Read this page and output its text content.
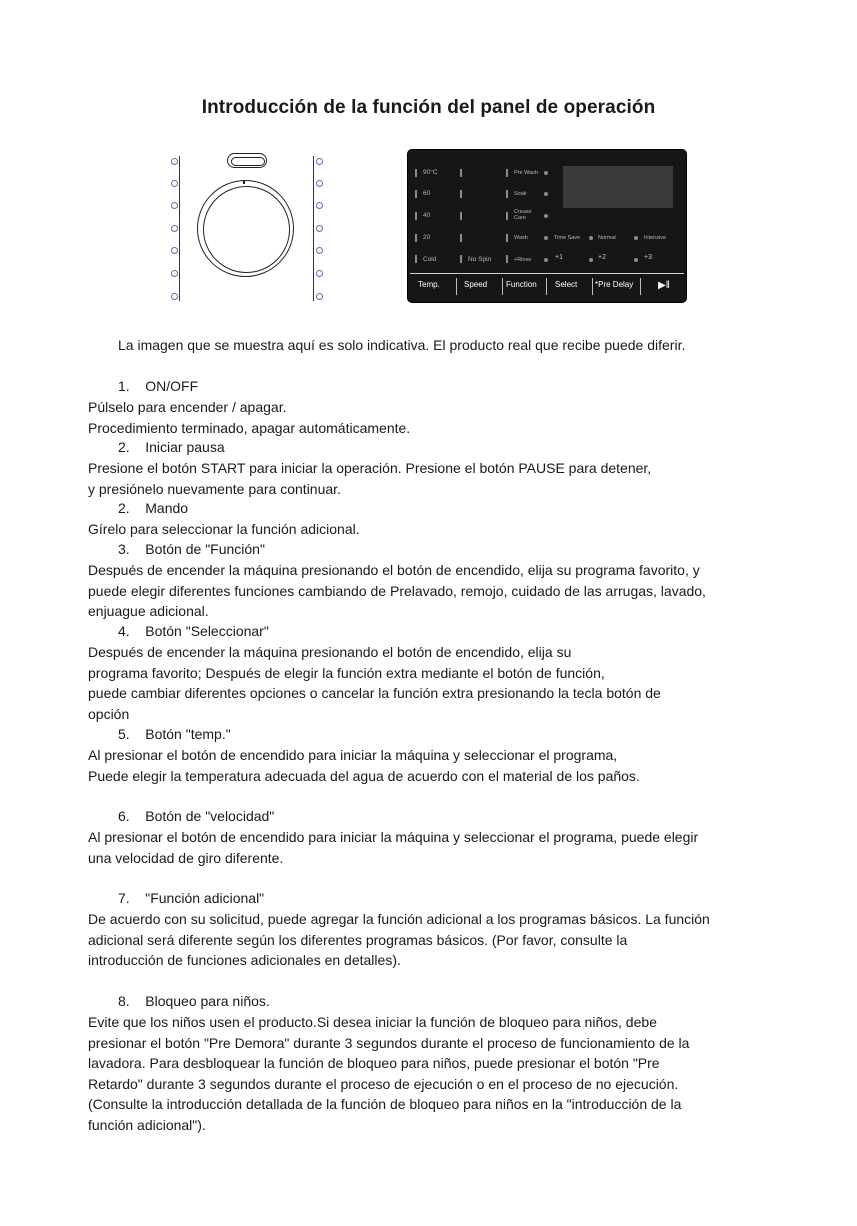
Introducción de la función del panel de operación
90°C
60
40
20
Cold	No Spin
Pre Wash
Soak
Crease Care
Wash
+Rinse
Time Save	Normal	Intensive
+1	+2	+3
Temp.	Speed Function Select *Pre Delay ▶‖
La imagen que se muestra aquí es solo indicativa. El producto real que recibe puede diferir.
1. ON/OFF
Púlselo para encender / apagar.
Procedimiento terminado, apagar automáticamente.
2. Iniciar pausa
Presione el botón START para iniciar la operación. Presione el botón PAUSE para detener,
y presiónelo nuevamente para continuar.
2. Mando
Gírelo para seleccionar la función adicional.
3. Botón de "Función"
Después de encender la máquina presionando el botón de encendido, elija su programa favorito, y
puede elegir diferentes funciones cambiando de Prelavado, remojo, cuidado de las arrugas, lavado,
enjuague adicional.
4. Botón "Seleccionar"
Después de encender la máquina presionando el botón de encendido, elija su
programa favorito; Después de elegir la función extra mediante el botón de función,
puede cambiar diferentes opciones o cancelar la función extra presionando la tecla botón de
opción
5. Botón "temp."
Al presionar el botón de encendido para iniciar la máquina y seleccionar el programa,
Puede elegir la temperatura adecuada del agua de acuerdo con el material de los paños.
6. Botón de "velocidad"
Al presionar el botón de encendido para iniciar la máquina y seleccionar el programa, puede elegir
una velocidad de giro diferente.
7. "Función adicional"
De acuerdo con su solicitud, puede agregar la función adicional a los programas básicos. La función
adicional será diferente según los diferentes programas básicos. (Por favor, consulte la
introducción de funciones adicionales en detalles).
8. Bloqueo para niños.
Evite que los niños usen el producto.Si desea iniciar la función de bloqueo para niños, debe
presionar el botón "Pre Demora" durante 3 segundos durante el proceso de funcionamiento de la
lavadora. Para desbloquear la función de bloqueo para niños, puede presionar el botón "Pre
Retardo" durante 3 segundos durante el proceso de ejecución o en el proceso de no ejecución.
(Consulte la introducción detallada de la función de bloqueo para niños en la "introducción de la
función adicional").
